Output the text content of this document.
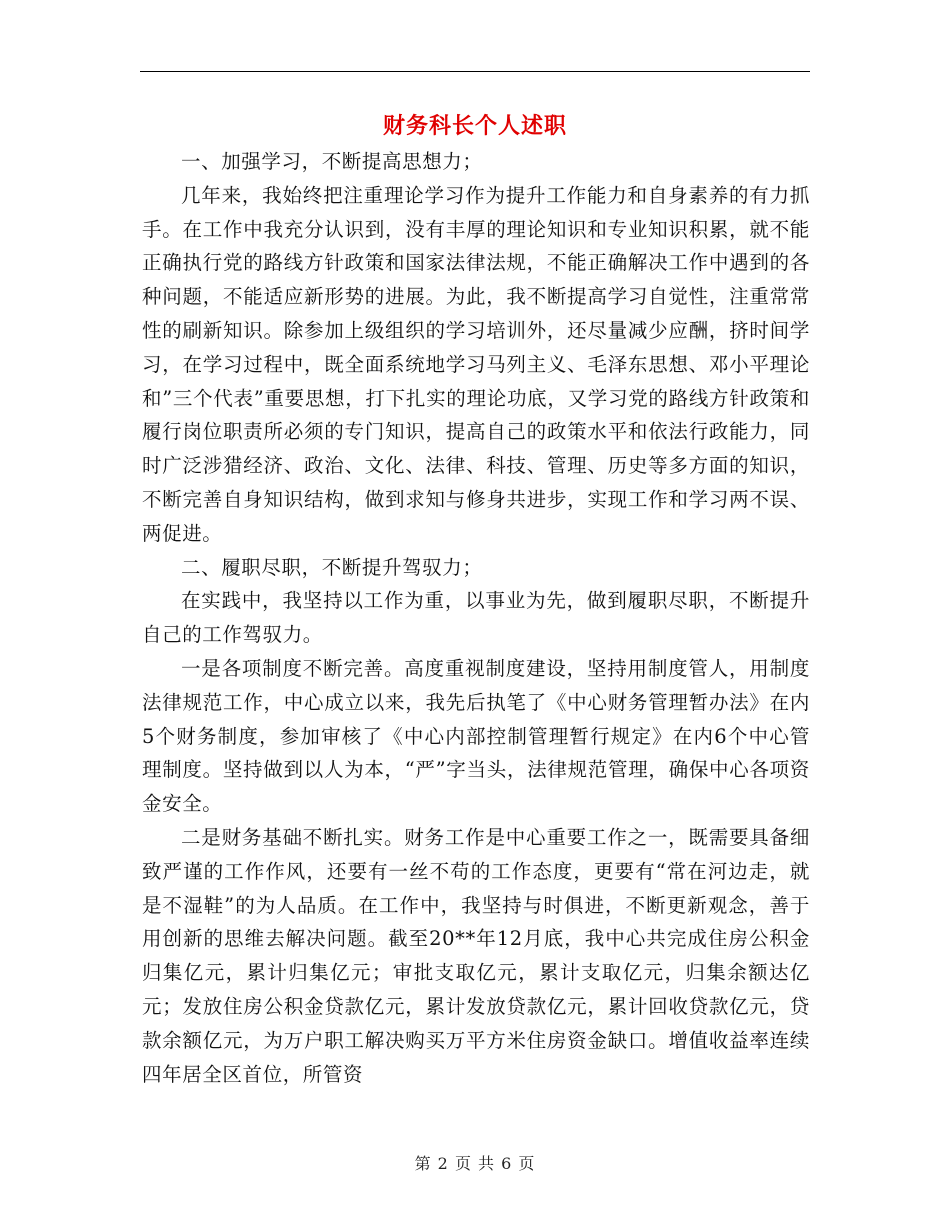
财务科长个人述职

一、加强学习，不断提高思想力；

几年来，我始终把注重理论学习作为提升工作能力和自身素养的有力抓手。在工作中我充分认识到，没有丰厚的理论知识和专业知识积累，就不能正确执行党的路线方针政策和国家法律法规，不能正确解决工作中遇到的各种问题，不能适应新形势的进展。为此，我不断提高学习自觉性，注重常常性的刷新知识。除参加上级组织的学习培训外，还尽量减少应酬，挤时间学习，在学习过程中，既全面系统地学习马列主义、毛泽东思想、邓小平理论和”三个代表”重要思想，打下扎实的理论功底，又学习党的路线方针政策和履行岗位职责所必须的专门知识，提高自己的政策水平和依法行政能力，同时广泛涉猎经济、政治、文化、法律、科技、管理、历史等多方面的知识，不断完善自身知识结构，做到求知与修身共进步，实现工作和学习两不误、两促进。

二、履职尽职，不断提升驾驭力；

在实践中，我坚持以工作为重，以事业为先，做到履职尽职，不断提升自己的工作驾驭力。

一是各项制度不断完善。高度重视制度建设，坚持用制度管人，用制度法律规范工作，中心成立以来，我先后执笔了《中心财务管理暂办法》在内5个财务制度，参加审核了《中心内部控制管理暂行规定》在内6个中心管理制度。坚持做到以人为本，“严”字当头，法律规范管理，确保中心各项资金安全。

二是财务基础不断扎实。财务工作是中心重要工作之一，既需要具备细致严谨的工作作风，还要有一丝不苟的工作态度，更要有“常在河边走，就是不湿鞋”的为人品质。在工作中，我坚持与时俱进，不断更新观念，善于用创新的思维去解决问题。截至20**年12月底，我中心共完成住房公积金归集亿元，累计归集亿元；审批支取亿元，累计支取亿元，归集余额达亿元；发放住房公积金贷款亿元，累计发放贷款亿元，累计回收贷款亿元，贷款余额亿元，为万户职工解决购买万平方米住房资金缺口。增值收益率连续四年居全区首位，所管资

第 2 页 共 6 页
